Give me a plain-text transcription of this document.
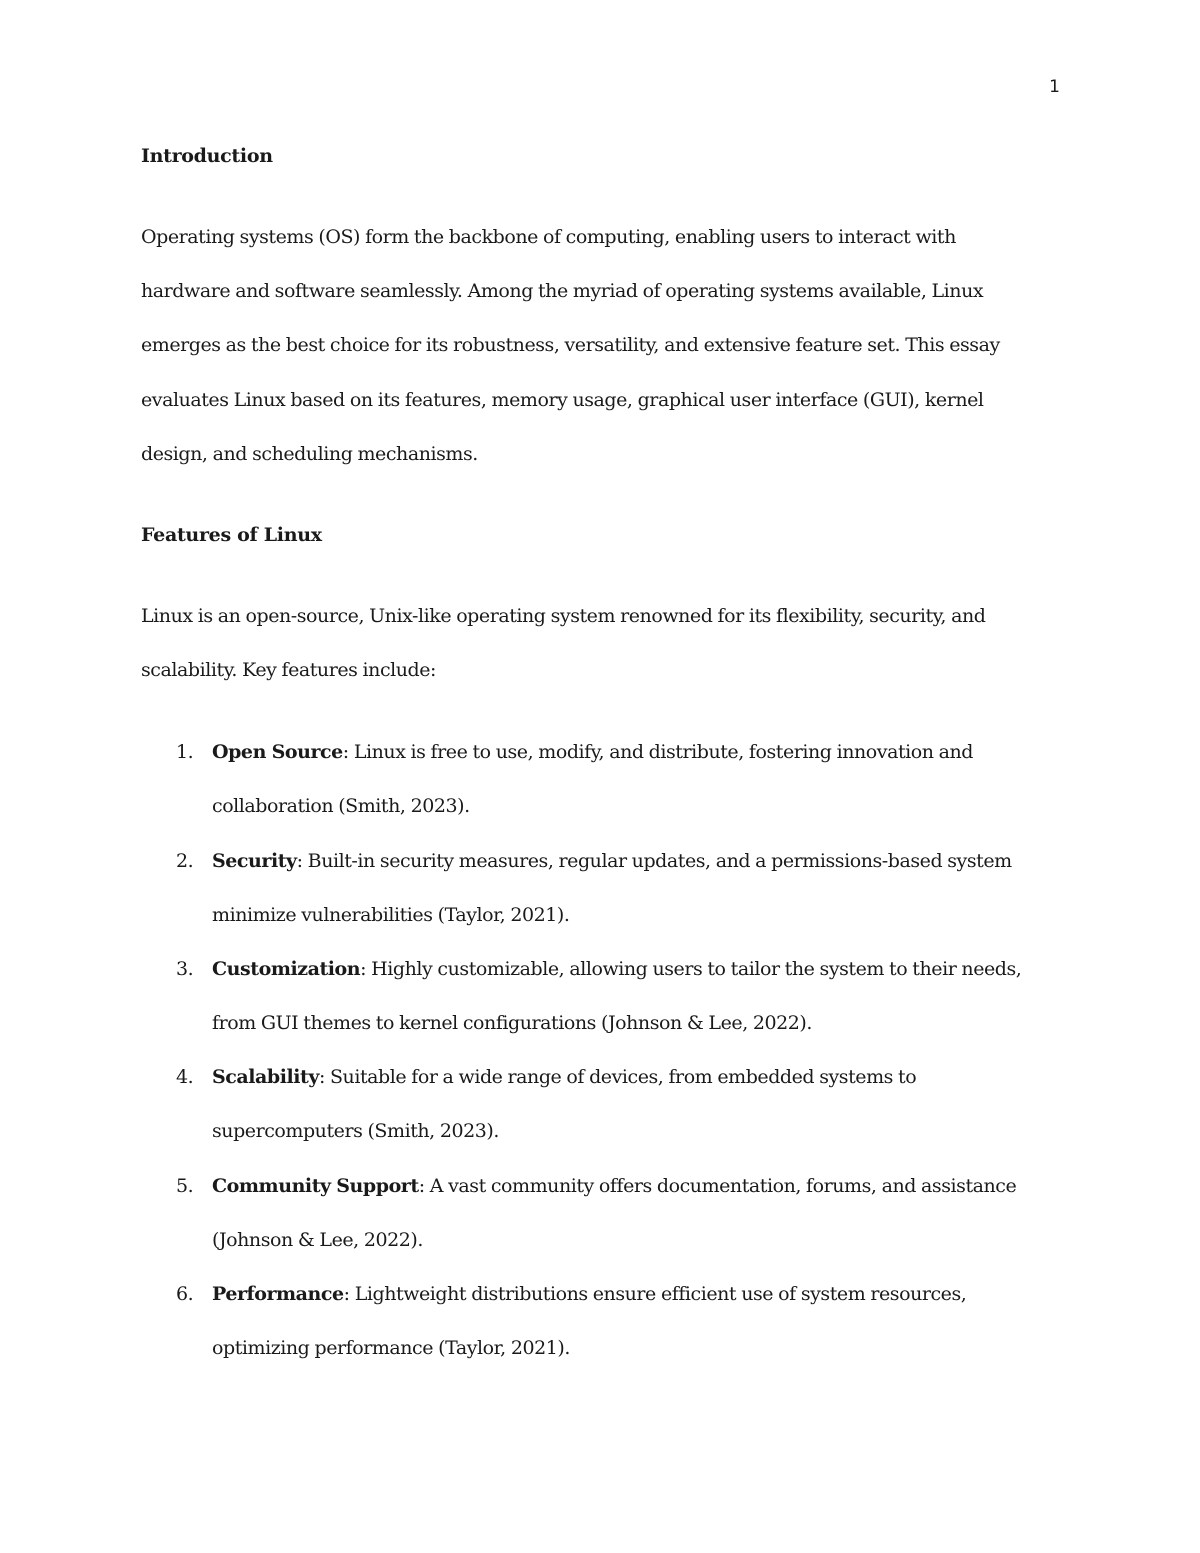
1
Introduction

Operating systems (OS) form the backbone of computing, enabling users to interact with hardware and software seamlessly. Among the myriad of operating systems available, Linux emerges as the best choice for its robustness, versatility, and extensive feature set. This essay evaluates Linux based on its features, memory usage, graphical user interface (GUI), kernel design, and scheduling mechanisms.

Features of Linux

Linux is an open-source, Unix-like operating system renowned for its flexibility, security, and scalability. Key features include:

1. Open Source: Linux is free to use, modify, and distribute, fostering innovation and collaboration (Smith, 2023).
2. Security: Built-in security measures, regular updates, and a permissions-based system minimize vulnerabilities (Taylor, 2021).
3. Customization: Highly customizable, allowing users to tailor the system to their needs, from GUI themes to kernel configurations (Johnson & Lee, 2022).
4. Scalability: Suitable for a wide range of devices, from embedded systems to supercomputers (Smith, 2023).
5. Community Support: A vast community offers documentation, forums, and assistance (Johnson & Lee, 2022).
6. Performance: Lightweight distributions ensure efficient use of system resources, optimizing performance (Taylor, 2021).
